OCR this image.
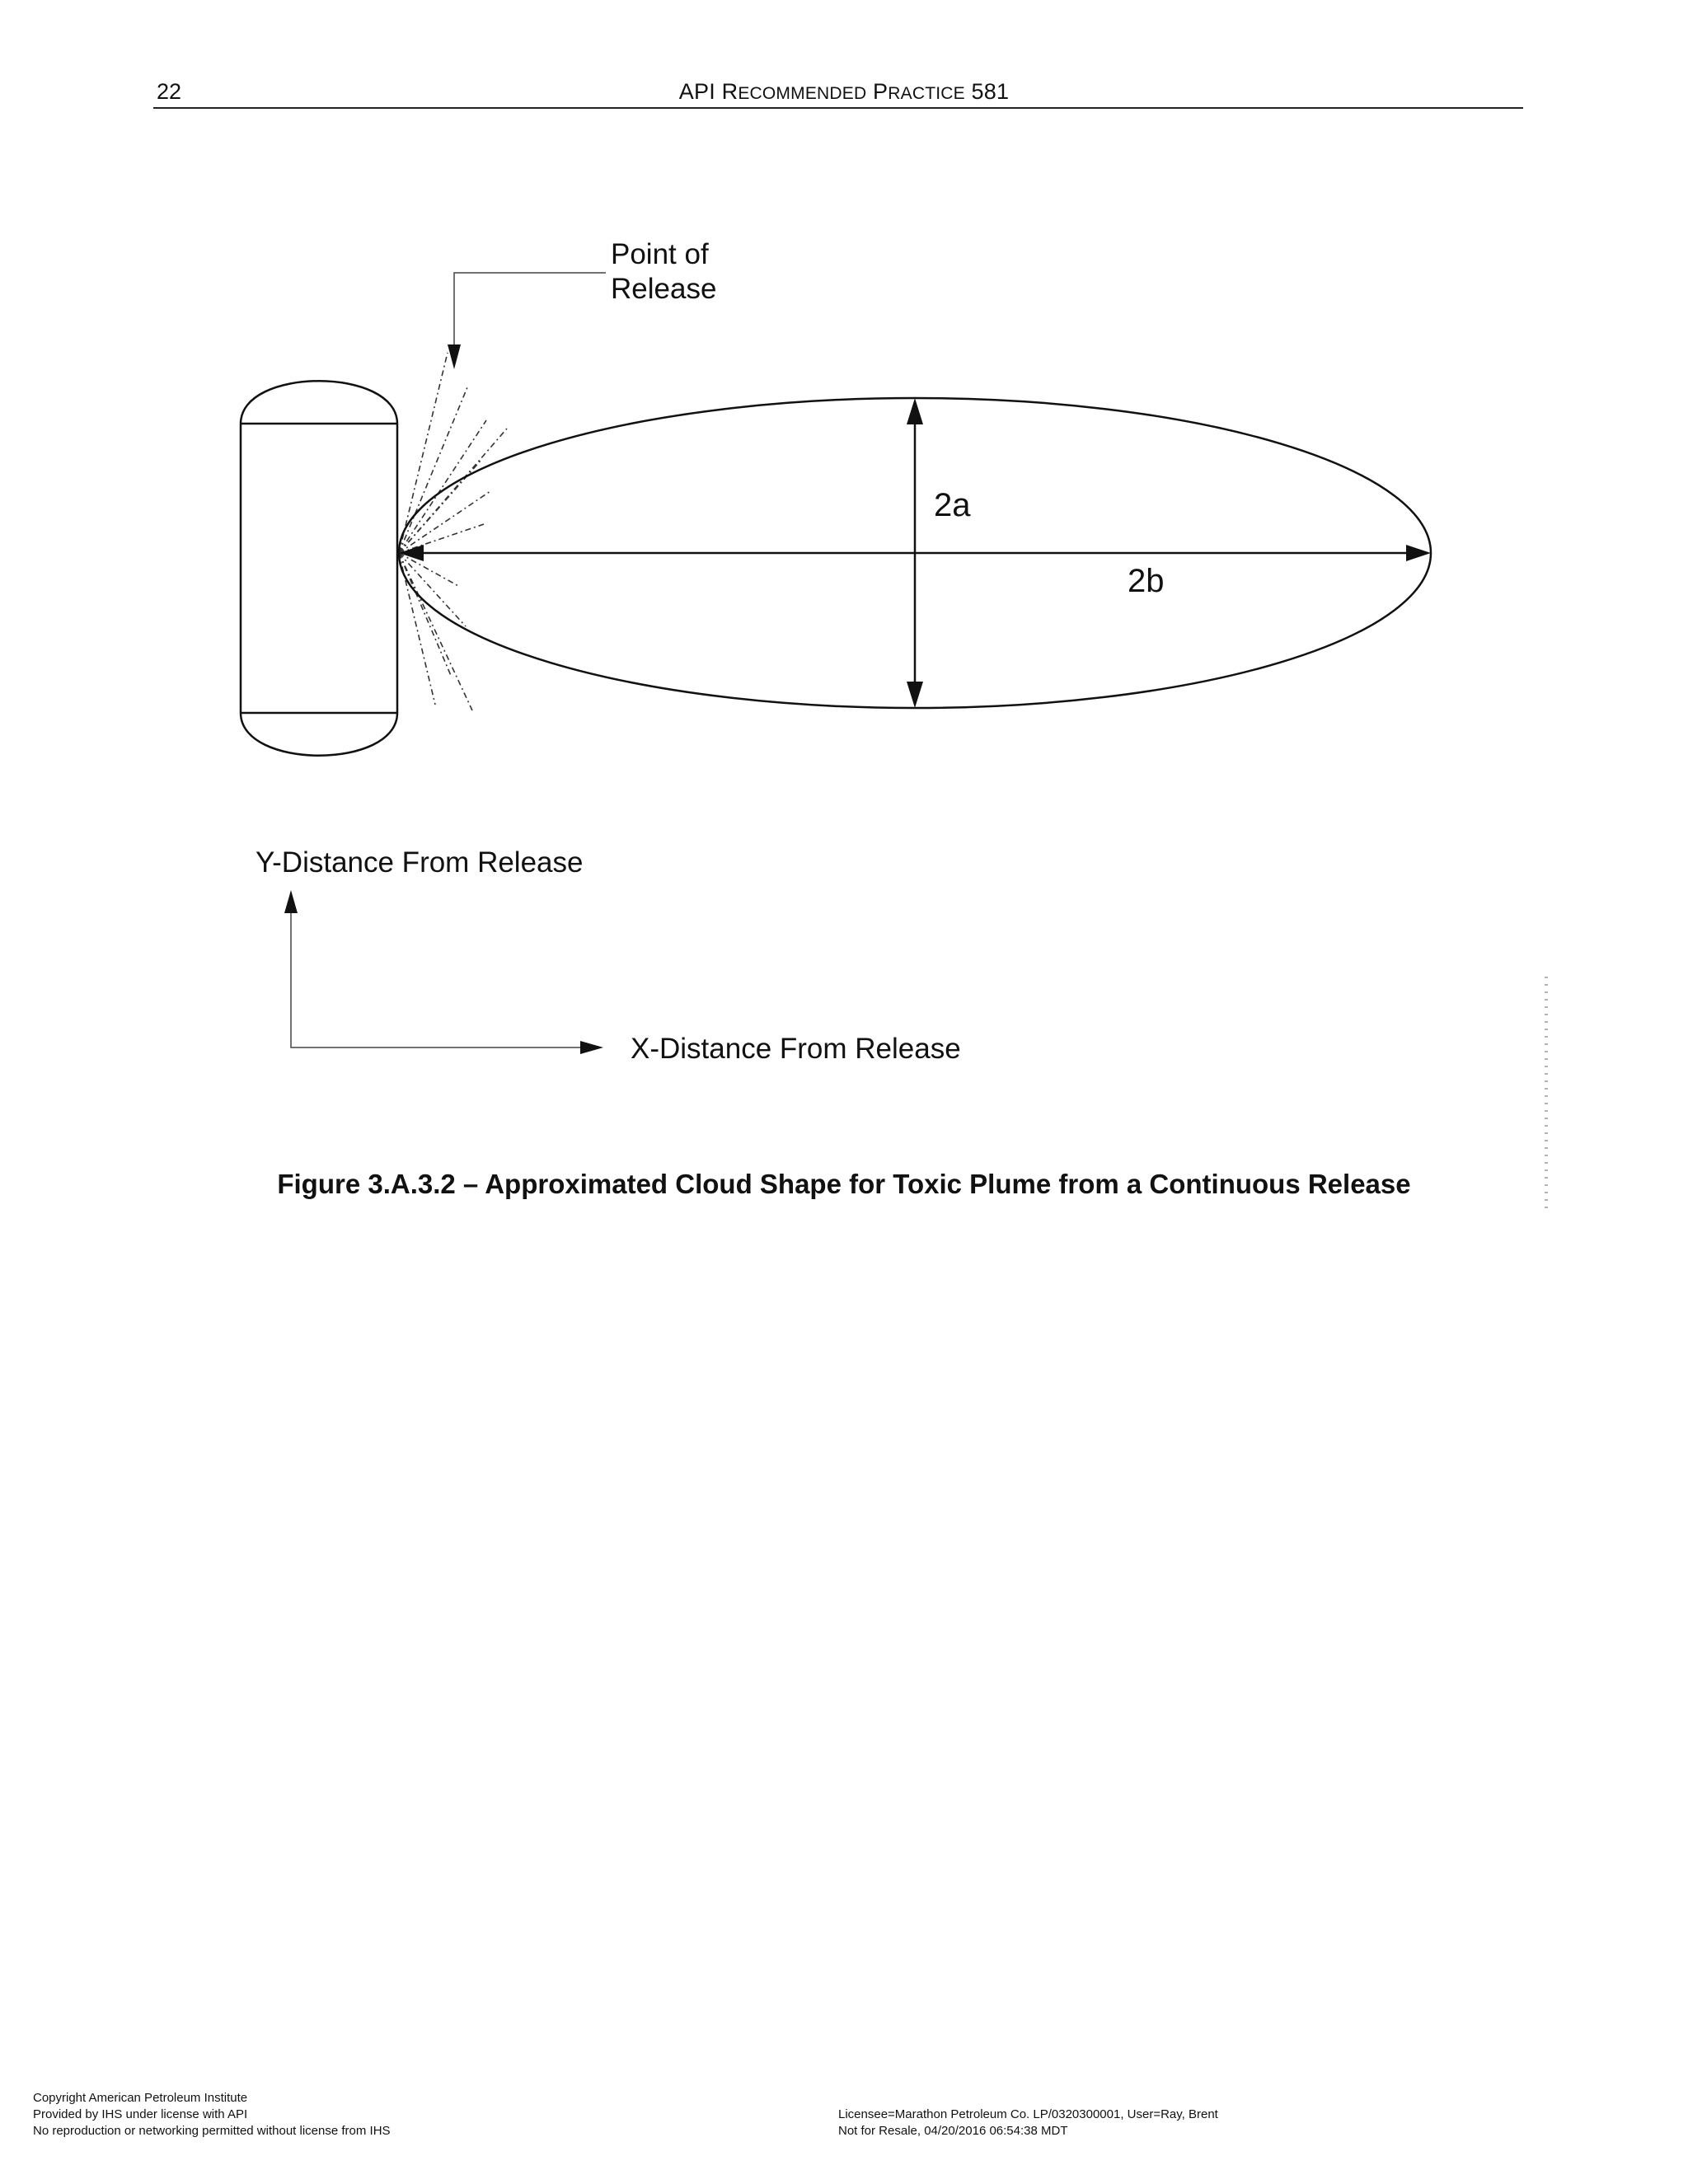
22	API RECOMMENDED PRACTICE 581
2a
2b
Point of
Release
Y-Distance From Release
X-Distance From Release
Figure 3.A.3.2 – Approximated Cloud Shape for Toxic Plume from a Continuous Release
Copyright American Petroleum Institute
Provided by IHS under license with API
No reproduction or networking permitted without license from IHS
Licensee=Marathon Petroleum Co. LP/0320300001, User=Ray, Brent
Not for Resale, 04/20/2016 06:54:38 MDT
